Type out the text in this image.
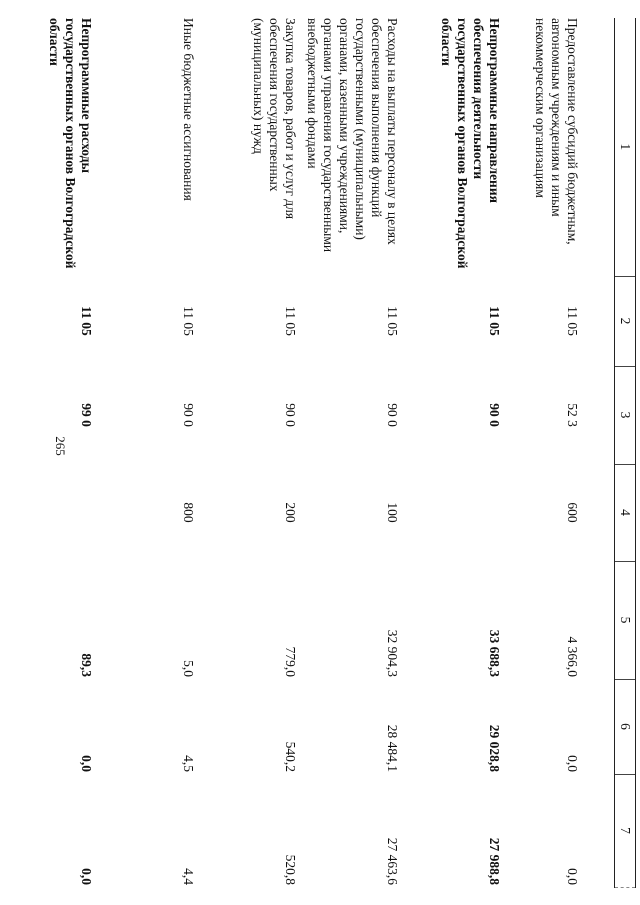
265
1	2	3	4	5	6	7
Предоставление субсидий бюджетным, автономным учреждениям и иным некоммерческим организациям	11 05	52 3	600	4 366,0	0,0	0,0
Непрограммные направления обеспечения деятельности государственных органов Волгоградской области	11 05	90 0		33 688,3	29 028,8	27 988,8
Расходы на выплаты персоналу в целях обеспечения выполнения функций государственными (муниципальными) органами, казенными учреждениями, органами управления государственными внебюджетными фондами	11 05	90 0	100	32 904,3	28 484,1	27 463,6
Закупка товаров, работ и услуг для обеспечения государственных (муниципальных) нужд	11 05	90 0	200	779,0	540,2	520,8
Иные бюджетные ассигнования	11 05	90 0	800	5,0	4,5	4,4
Непрограммные расходы государственных органов Волгоградской области	11 05	99 0		89,3	0,0	0,0
